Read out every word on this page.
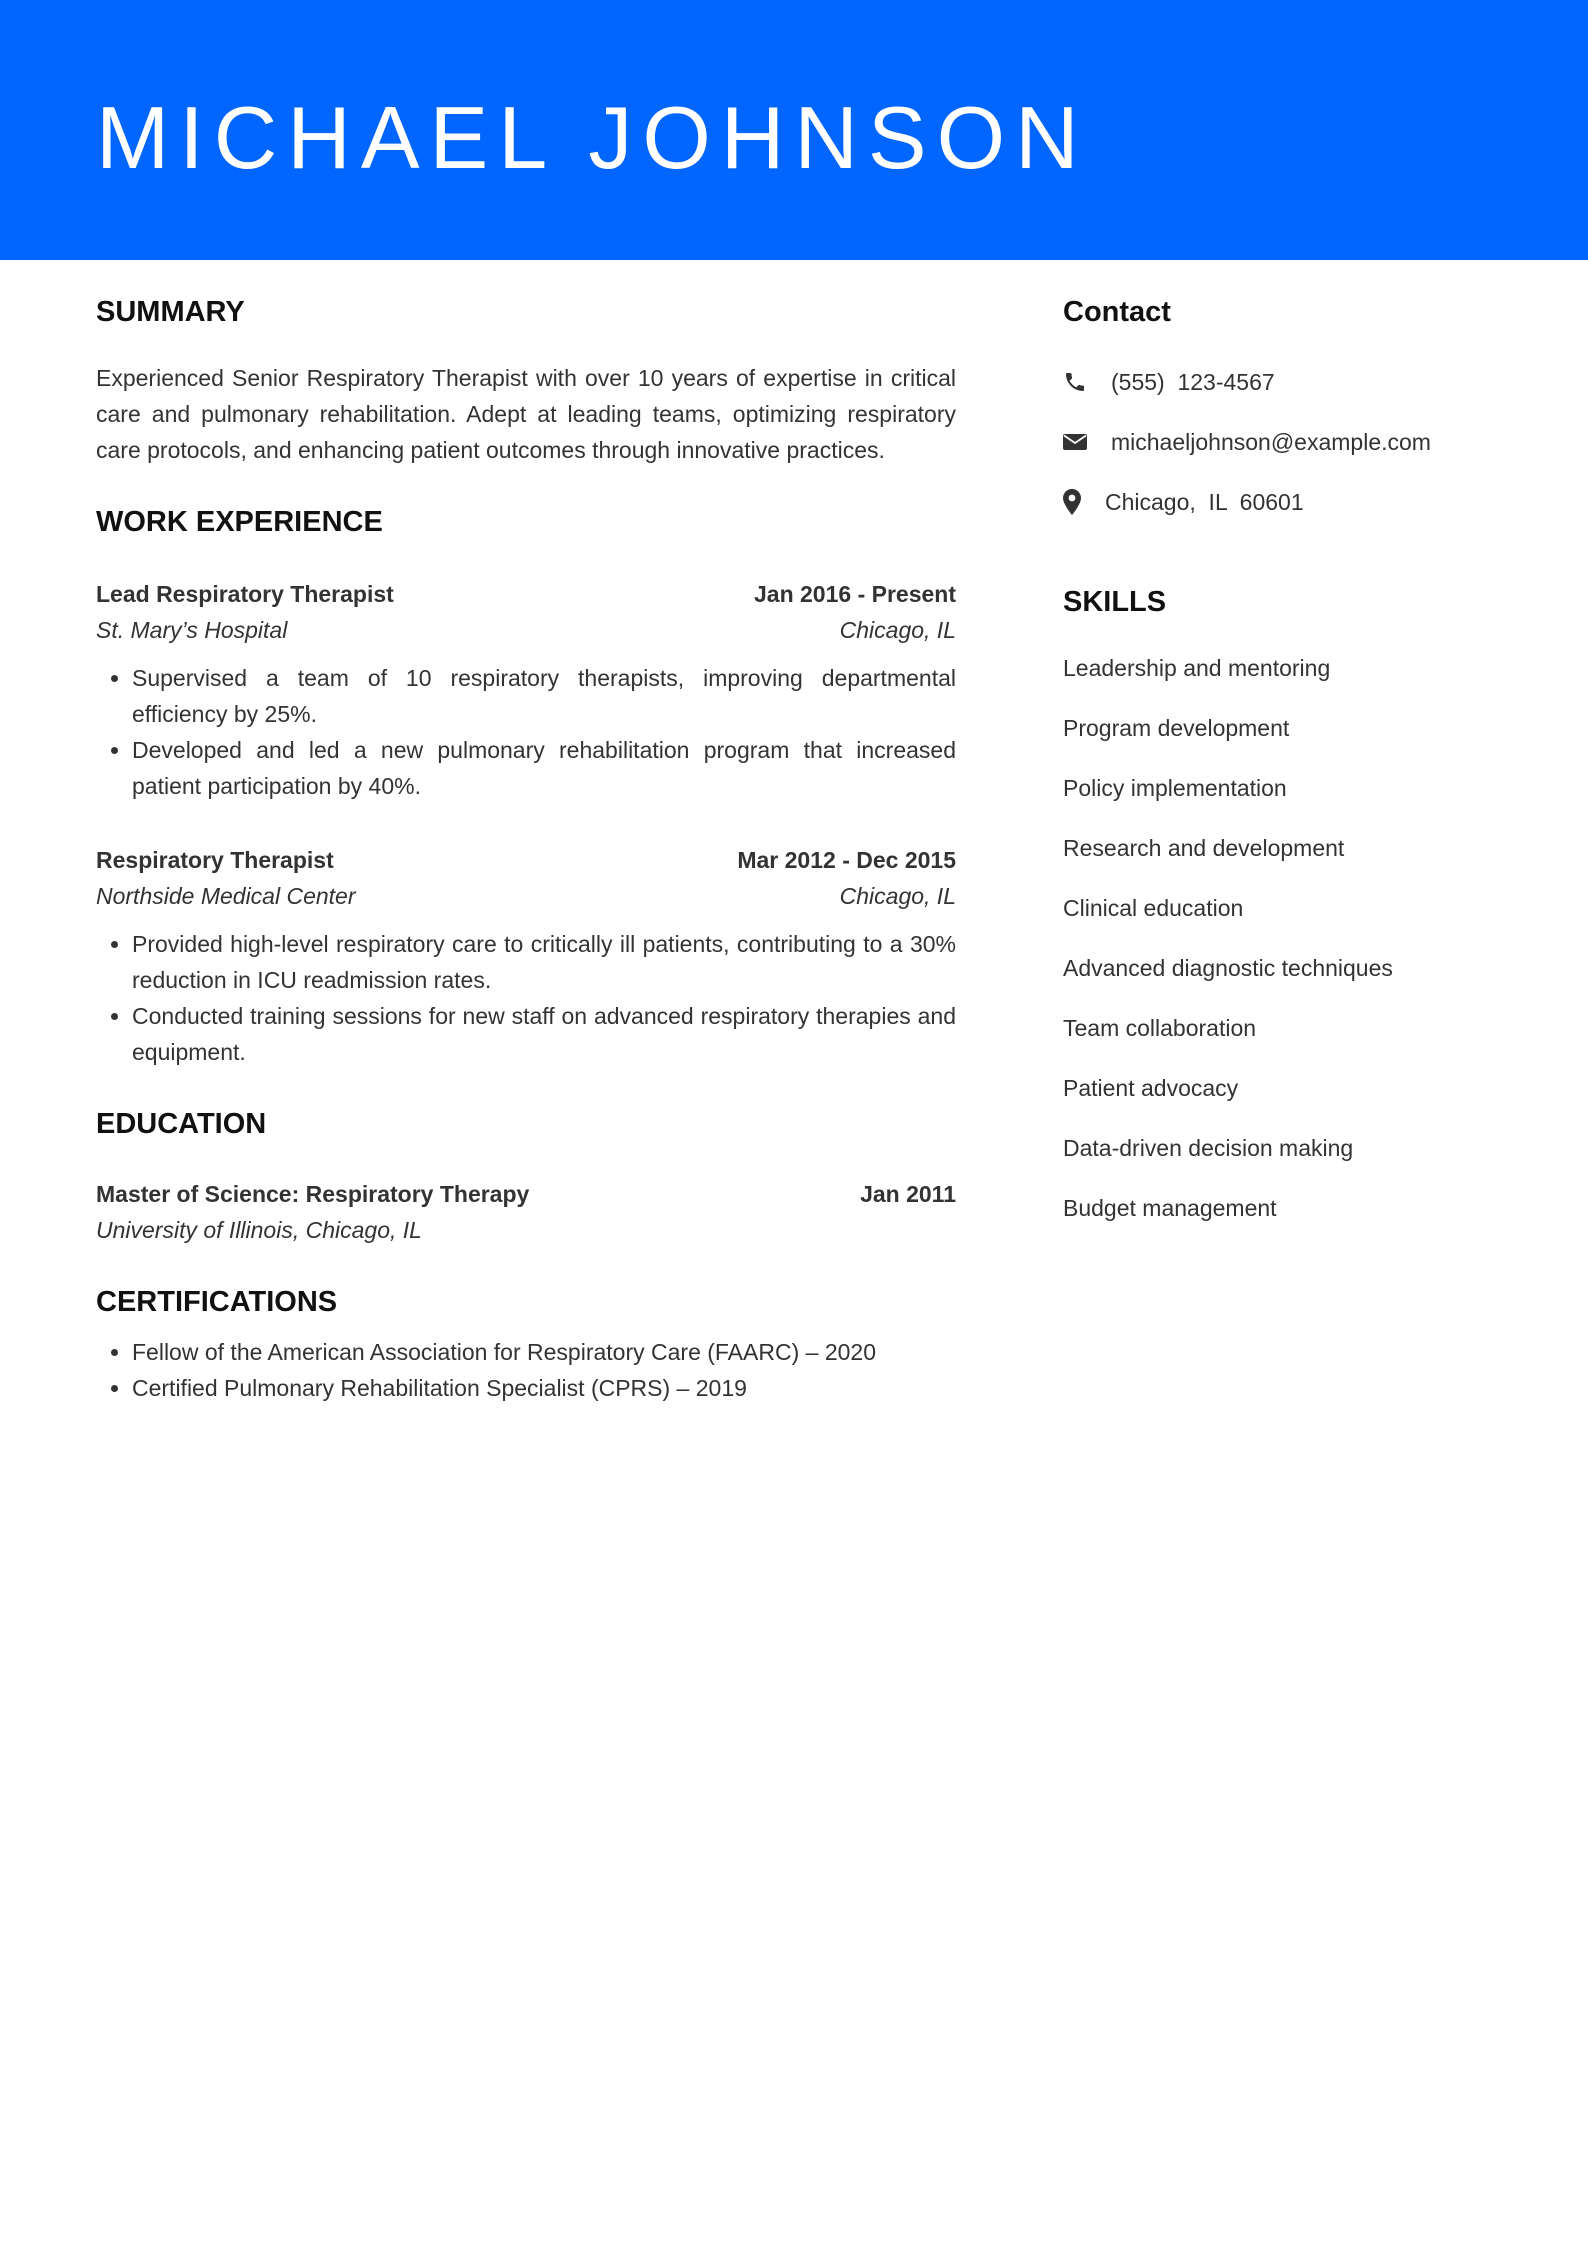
MICHAEL JOHNSON
SUMMARY

Experienced Senior Respiratory Therapist with over 10 years of expertise in critical care and pulmonary rehabilitation. Adept at leading teams, optimizing respiratory care protocols, and enhancing patient outcomes through innovative practices.

WORK EXPERIENCE
Lead Respiratory Therapist	Jan 2016 - Present
St. Mary’s Hospital	Chicago, IL
• Supervised a team of 10 respiratory therapists, improving departmental efficiency by 25%.
• Developed and led a new pulmonary rehabilitation program that increased patient participation by 40%.
Respiratory Therapist	Mar 2012 - Dec 2015
Northside Medical Center	Chicago, IL
• Provided high-level respiratory care to critically ill patients, contributing to a 30% reduction in ICU readmission rates.
• Conducted training sessions for new staff on advanced respiratory therapies and equipment.
EDUCATION
Master of Science: Respiratory Therapy	Jan 2011
University of Illinois, Chicago, IL
CERTIFICATIONS
• Fellow of the American Association for Respiratory Care (FAARC) – 2020
• Certified Pulmonary Rehabilitation Specialist (CPRS) – 2019
Contact
(555)  123-4567
michaeljohnson@example.com
Chicago,  IL  60601
SKILLS
Leadership and mentoring
Program development
Policy implementation
Research and development
Clinical education
Advanced diagnostic techniques
Team collaboration
Patient advocacy
Data-driven decision making
Budget management
